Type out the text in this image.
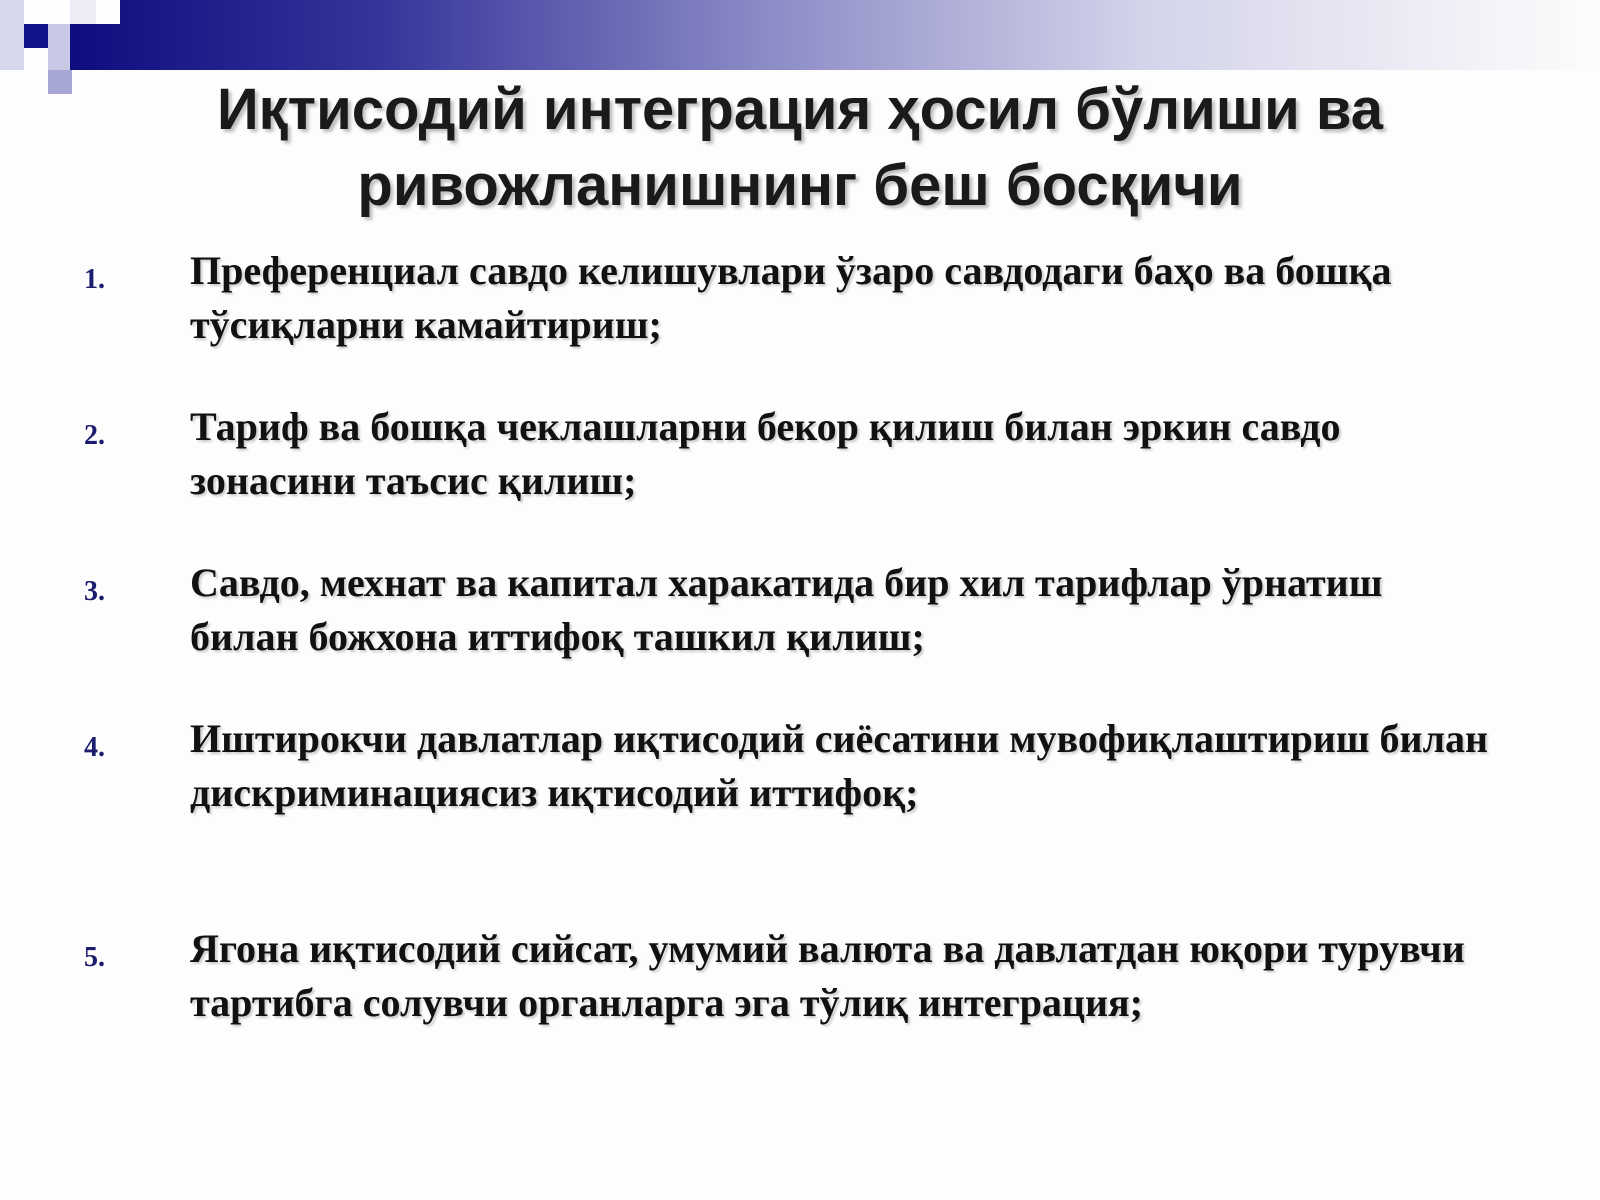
Иқтисодий интеграция ҳосил бўлиши ва
ривожланишнинг беш босқичи
1. Преференциал савдо келишувлари ўзаро савдодаги баҳо ва бошқа тўсиқларни камайтириш;
2. Тариф ва бошқа чеклашларни бекор қилиш билан эркин савдо зонасини таъсис қилиш;
3. Савдо, мехнат ва капитал харакатида бир хил тарифлар ўрнатиш билан божхона иттифоқ ташкил қилиш;
4. Иштирокчи давлатлар иқтисодий сиёсатини мувофиқлаштириш билан дискриминациясиз иқтисодий иттифоқ;
5. Ягона иқтисодий сийсат, умумий валюта ва давлатдан юқори турувчи тартибга солувчи органларга эга тўлиқ интеграция;
